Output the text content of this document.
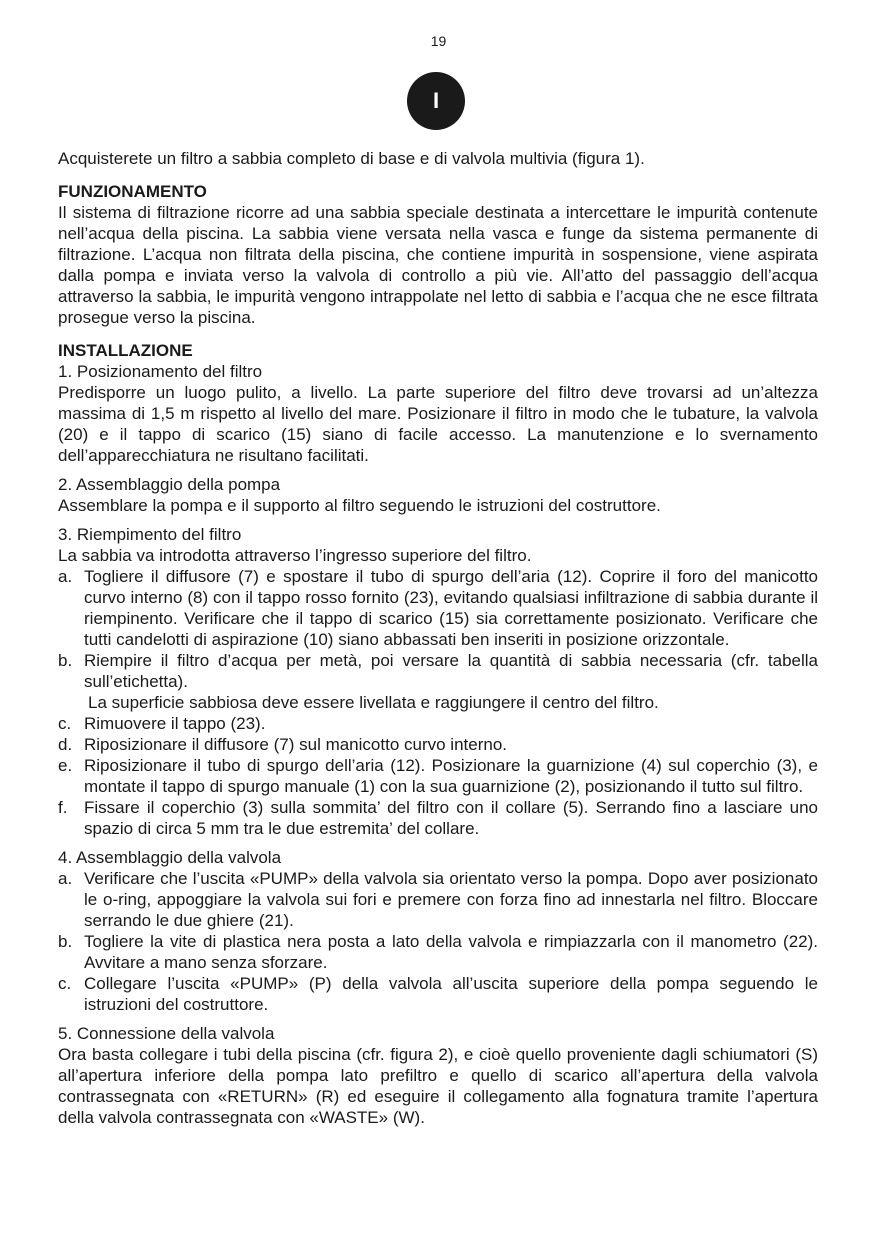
19
I

Acquisterete un filtro a sabbia completo di base e di valvola multivia (figura 1).

FUNZIONAMENTO

Il sistema di filtrazione ricorre ad una sabbia speciale destinata a intercettare le impurità contenute nell’acqua della piscina. La sabbia viene versata nella vasca e funge da sistema permanente di filtrazione. L’acqua non filtrata della piscina, che contiene impurità in sospensione, viene aspirata dalla pompa e inviata verso la valvola di controllo a più vie. All’atto del passaggio dell’acqua attraverso la sabbia, le impurità vengono intrappolate nel letto di sabbia e l’acqua che ne esce filtrata prosegue verso la piscina.

INSTALLAZIONE

1. Posizionamento del filtro

Predisporre un luogo pulito, a livello. La parte superiore del filtro deve trovarsi ad un’altezza massima di 1,5 m rispetto al livello del mare. Posizionare il filtro in modo che le tubature, la valvola (20) e il tappo di scarico (15) siano di facile accesso. La manutenzione e lo svernamento dell’apparecchiatura ne risultano facilitati.

2. Assemblaggio della pompa

Assemblare la pompa e il supporto al filtro seguendo le istruzioni del costruttore.

3. Riempimento del filtro

La sabbia va introdotta attraverso l’ingresso superiore del filtro.

a. Togliere il diffusore (7) e spostare il tubo di spurgo dell’aria (12). Coprire il foro del manicotto curvo interno (8) con il tappo rosso fornito (23), evitando qualsiasi infiltrazione di sabbia durante il riempinento. Verificare che il tappo di scarico (15) sia correttamente posizionato. Verificare che tutti candelotti di aspirazione (10) siano abbassati ben inseriti in posizione orizzontale.
b. Riempire il filtro d’acqua per metà, poi versare la quantità di sabbia necessaria (cfr. tabella sull’etichetta).

La superficie sabbiosa deve essere livellata e raggiungere il centro del filtro.

c. Rimuovere il tappo (23).
d. Riposizionare il diffusore (7) sul manicotto curvo interno.
e. Riposizionare il tubo di spurgo dell’aria (12). Posizionare la guarnizione (4) sul coperchio (3), e montate il tappo di spurgo manuale (1) con la sua guarnizione (2), posizionando il tutto sul filtro.
f. Fissare il coperchio (3) sulla sommita’ del filtro con il collare (5). Serrando fino a lasciare uno spazio di circa 5 mm tra le due estremita’ del collare.

4. Assemblaggio della valvola

a. Verificare che l’uscita «PUMP» della valvola sia orientato verso la pompa. Dopo aver posizionato le o-ring, appoggiare la valvola sui fori e premere con forza fino ad innestarla nel filtro. Bloccare serrando le due ghiere (21).
b. Togliere la vite di plastica nera posta a lato della valvola e rimpiazzarla con il manometro (22). Avvitare a mano senza sforzare.
c. Collegare l’uscita «PUMP» (P) della valvola all’uscita superiore della pompa seguendo le istruzioni del costruttore.

5. Connessione della valvola

Ora basta collegare i tubi della piscina (cfr. figura 2), e cioè quello proveniente dagli schiumatori (S) all’apertura inferiore della pompa lato prefiltro e quello di scarico all’apertura della valvola contrassegnata con «RETURN» (R) ed eseguire il collegamento alla fognatura tramite l’apertura della valvola contrassegnata con «WASTE» (W).
